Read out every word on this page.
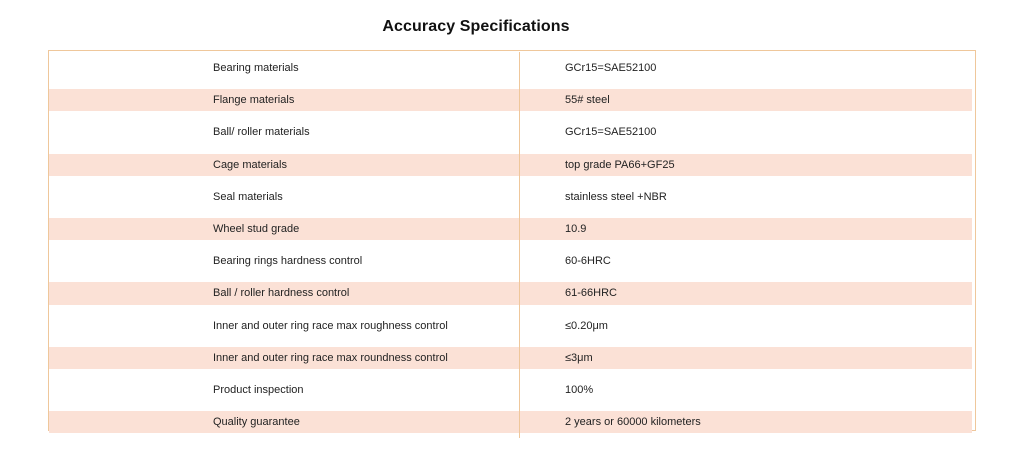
Accuracy Specifications
Bearing materials	GCr15=SAE52100
Flange materials	55# steel
Ball/ roller materials	GCr15=SAE52100
Cage materials	top grade PA66+GF25
Seal materials	stainless steel +NBR
Wheel stud grade	10.9
Bearing rings hardness control	60-6HRC
Ball / roller hardness control	61-66HRC
Inner and outer ring race max roughness control	≤0.20μm
Inner and outer ring race max roundness control	≤3μm
Product inspection	100%
Quality guarantee	2 years or 60000 kilometers
